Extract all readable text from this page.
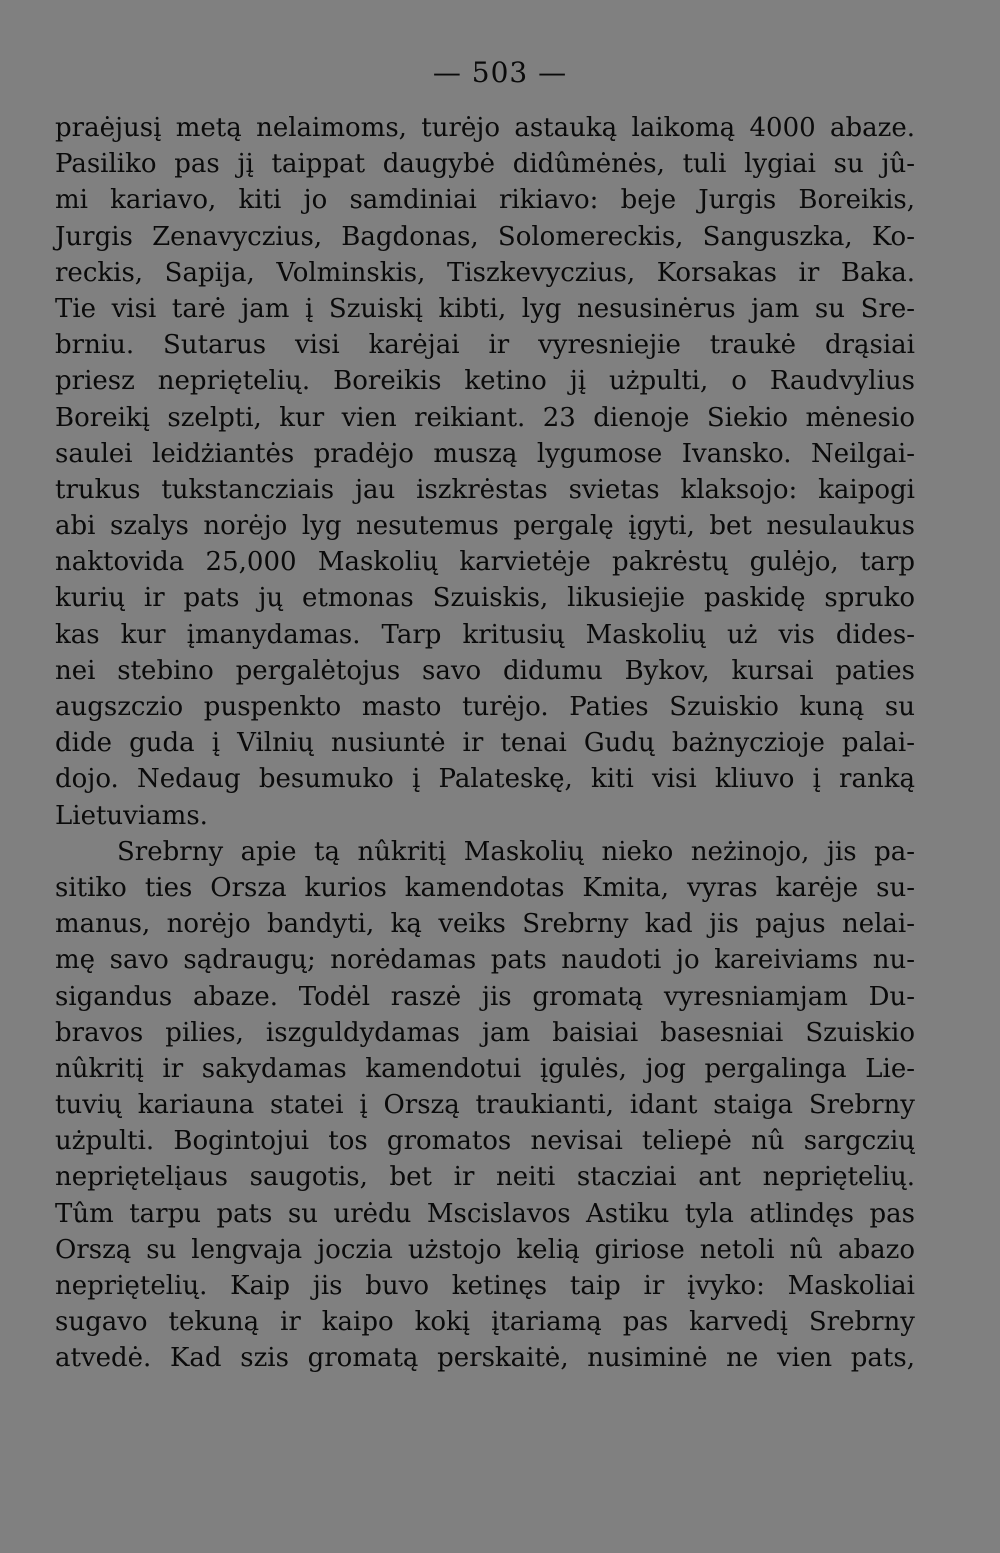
— 503 —
praėjusį metą nelaimoms, turėjo astauką laikomą 4000 abaze.
Pasiliko pas jį taippat daugybė didûmėnės, tuli lygiai su jû-
mi kariavo, kiti jo samdiniai rikiavo: beje Jurgis Boreikis,
Jurgis Zenavyczius, Bagdonas, Solomereckis, Sanguszka, Ko-
reckis, Sapija, Volminskis, Tiszkevyczius, Korsakas ir Baka.
Tie visi tarė jam į Szuiskį kibti, lyg nesusinėrus jam su Sre-
brniu. Sutarus visi karėjai ir vyresniejie traukė drąsiai
priesz nepriętelių. Boreikis ketino jį użpulti, o Raudvylius
Boreikį szelpti, kur vien reikiant. 23 dienoje Siekio mėnesio
saulei leidżiantės pradėjo muszą lygumose Ivansko. Neilgai-
trukus tukstancziais jau iszkrėstas svietas klaksojo: kaipogi
abi szalys norėjo lyg nesutemus pergalę įgyti, bet nesulaukus
naktovida 25,000 Maskolių karvietėje pakrėstų gulėjo, tarp
kurių ir pats jų etmonas Szuiskis, likusiejie paskidę spruko
kas kur įmanydamas. Tarp kritusių Maskolių uż vis dides-
nei stebino pergalėtojus savo didumu Bykov, kursai paties
augszczio puspenkto masto turėjo. Paties Szuiskio kuną su
dide guda į Vilnių nusiuntė ir tenai Gudų bażnyczioje palai-
dojo. Nedaug besumuko į Palateskę, kiti visi kliuvo į ranką
Lietuviams.
Srebrny apie tą nûkritį Maskolių nieko neżinojo, jis pa-
sitiko ties Orsza kurios kamendotas Kmita, vyras karėje su-
manus, norėjo bandyti, ką veiks Srebrny kad jis pajus nelai-
mę savo sądraugų; norėdamas pats naudoti jo kareiviams nu-
sigandus abaze. Todėl raszė jis gromatą vyresniamjam Du-
bravos pilies, iszguldydamas jam baisiai basesniai Szuiskio
nûkritį ir sakydamas kamendotui įgulės, jog pergalinga Lie-
tuvių kariauna statei į Orszą traukianti, idant staiga Srebrny
użpulti. Bogintojui tos gromatos nevisai teliepė nû sargczių
nepriętelįaus saugotis, bet ir neiti stacziai ant nepriętelių.
Tûm tarpu pats su urėdu Mscislavos Astiku tyla atlindęs pas
Orszą su lengvaja joczia użstojo kelią giriose netoli nû abazo
nepriętelių. Kaip jis buvo ketinęs taip ir įvyko: Maskoliai
sugavo tekuną ir kaipo kokį įtariamą pas karvedį Srebrny
atvedė. Kad szis gromatą perskaitė, nusiminė ne vien pats,
